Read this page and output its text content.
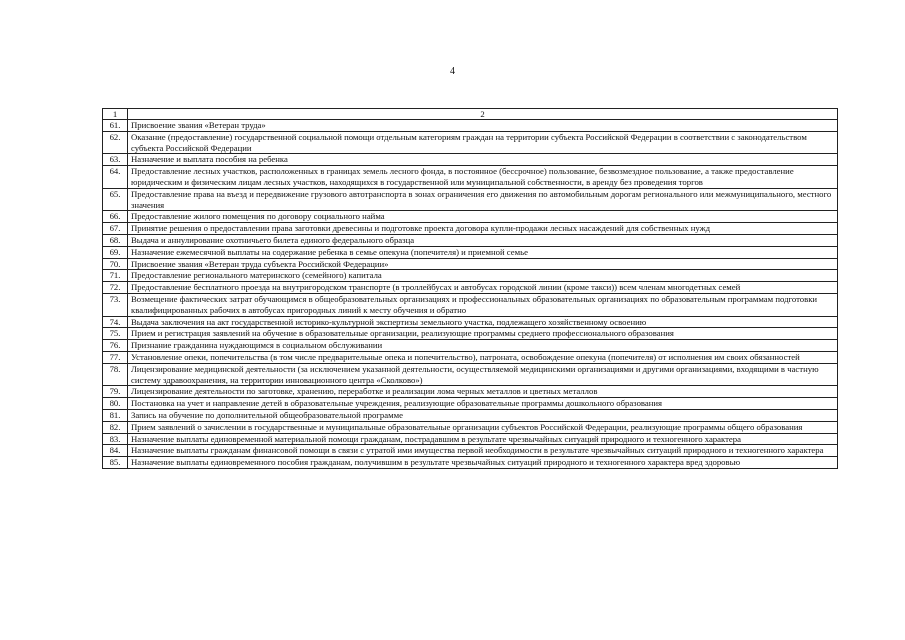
4
1	2
61.	Присвоение звания «Ветеран труда»
62.	Оказание (предоставление) государственной социальной помощи отдельным категориям граждан на территории субъекта Российской Федерации в соответствии с законодательством субъекта Российской Федерации
63.	Назначение и выплата пособия на ребенка
64.	Предоставление лесных участков, расположенных в границах земель лесного фонда, в постоянное (бессрочное) пользование, безвозмездное пользование, а также предоставление юридическим и физическим лицам лесных участков, находящихся в государственной или муниципальной собственности, в аренду без проведения торгов
65.	Предоставление права на въезд и передвижение грузового автотранспорта в зонах ограничения его движения по автомобильным дорогам регионального или межмуниципального, местного значения
66.	Предоставление жилого помещения по договору социального найма
67.	Принятие решения о предоставлении права заготовки древесины и подготовке проекта договора купли-продажи лесных насаждений для собственных нужд
68.	Выдача и аннулирование охотничьего билета единого федерального образца
69.	Назначение ежемесячной выплаты на содержание ребенка в семье опекуна (попечителя) и приемной семье
70.	Присвоение звания «Ветеран труда субъекта Российской Федерации»
71.	Предоставление регионального материнского (семейного) капитала
72.	Предоставление бесплатного проезда на внутригородском транспорте (в троллейбусах и автобусах городской линии (кроме такси)) всем членам многодетных семей
73.	Возмещение фактических затрат обучающимся в общеобразовательных организациях и профессиональных образовательных организациях по образовательным программам подготовки квалифицированных рабочих в автобусах пригородных линий к месту обучения и обратно
74.	Выдача заключения на акт государственной историко-культурной экспертизы земельного участка, подлежащего хозяйственному освоению
75.	Прием и регистрация заявлений на обучение в образовательные организации, реализующие программы среднего профессионального образования
76.	Признание гражданина нуждающимся в социальном обслуживании
77.	Установление опеки, попечительства (в том числе предварительные опека и попечительство), патроната, освобождение опекуна (попечителя) от исполнения им своих обязанностей
78.	Лицензирование медицинской деятельности (за исключением указанной деятельности, осуществляемой медицинскими организациями и другими организациями, входящими в частную систему здравоохранения, на территории инновационного центра «Сколково»)
79.	Лицензирование деятельности по заготовке, хранению, переработке и реализации лома черных металлов и цветных металлов
80.	Постановка на учет и направление детей в образовательные учреждения, реализующие образовательные программы дошкольного образования
81.	Запись на обучение по дополнительной общеобразовательной программе
82.	Прием заявлений о зачислении в государственные и муниципальные образовательные организации субъектов Российской Федерации, реализующие программы общего образования
83.	Назначение выплаты единовременной материальной помощи гражданам, пострадавшим в результате чрезвычайных ситуаций природного и техногенного характера
84.	Назначение выплаты гражданам финансовой помощи в связи с утратой ими имущества первой необходимости в результате чрезвычайных ситуаций природного и техногенного характера
85.	Назначение выплаты единовременного пособия гражданам, получившим в результате чрезвычайных ситуаций природного и техногенного характера вред здоровью
